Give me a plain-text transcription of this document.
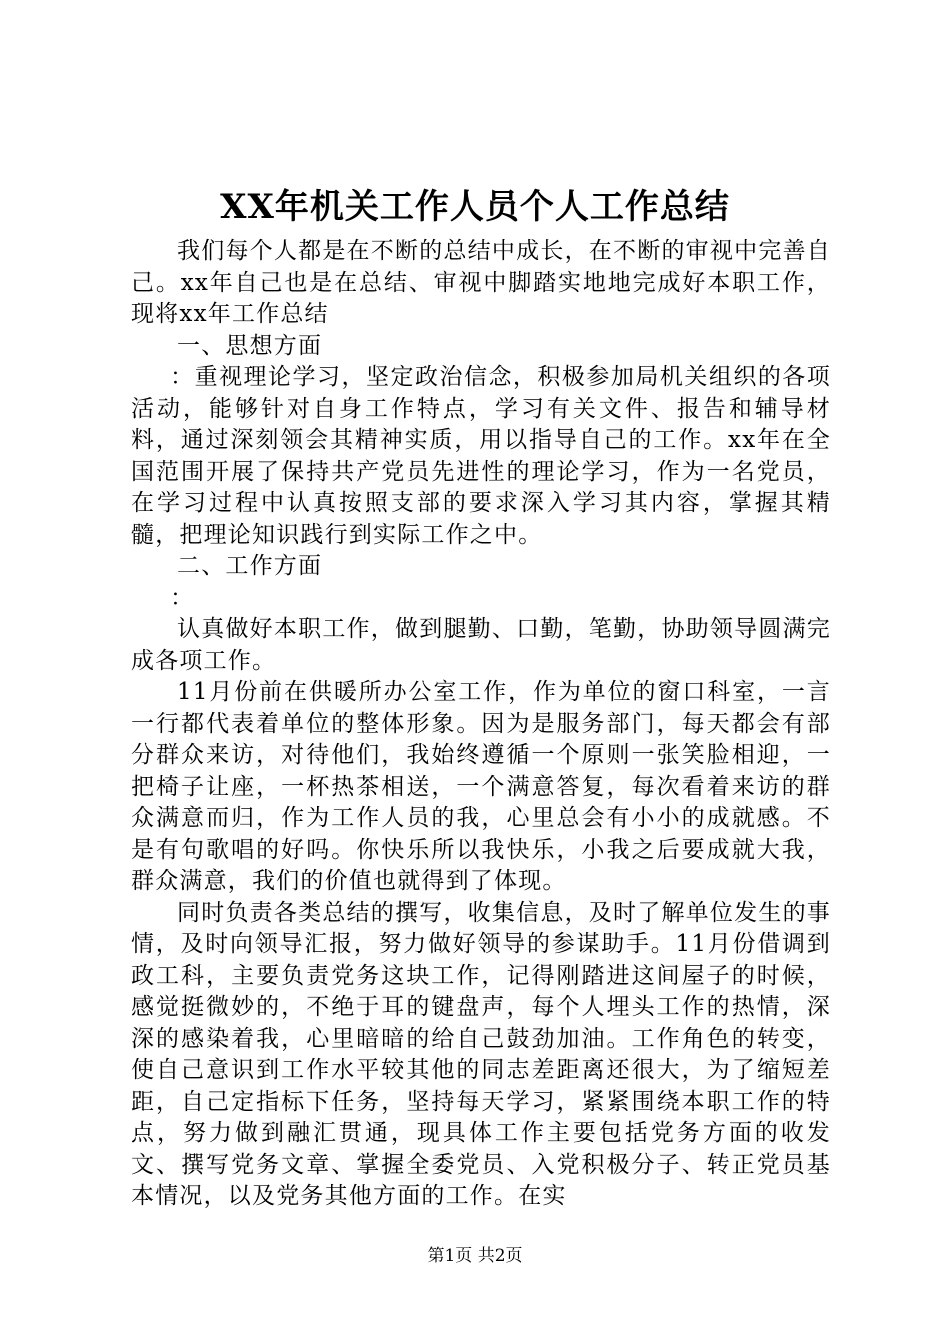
XX年机关工作人员个人工作总结

我们每个人都是在不断的总结中成长，在不断的审视中完善自己。xx年自己也是在总结、审视中脚踏实地地完成好本职工作，现将xx年工作总结

一、思想方面

：重视理论学习，坚定政治信念，积极参加局机关组织的各项活动，能够针对自身工作特点，学习有关文件、报告和辅导材料，通过深刻领会其精神实质，用以指导自己的工作。xx年在全国范围开展了保持共产党员先进性的理论学习，作为一名党员，在学习过程中认真按照支部的要求深入学习其内容，掌握其精髓，把理论知识践行到实际工作之中。

二、工作方面

：

认真做好本职工作，做到腿勤、口勤，笔勤，协助领导圆满完成各项工作。

11月份前在供暖所办公室工作，作为单位的窗口科室，一言一行都代表着单位的整体形象。因为是服务部门，每天都会有部分群众来访，对待他们，我始终遵循一个原则一张笑脸相迎，一把椅子让座，一杯热茶相送，一个满意答复，每次看着来访的群众满意而归，作为工作人员的我，心里总会有小小的成就感。不是有句歌唱的好吗。你快乐所以我快乐，小我之后要成就大我，群众满意，我们的价值也就得到了体现。

同时负责各类总结的撰写，收集信息，及时了解单位发生的事情，及时向领导汇报，努力做好领导的参谋助手。11月份借调到政工科，主要负责党务这块工作，记得刚踏进这间屋子的时候，感觉挺微妙的，不绝于耳的键盘声，每个人埋头工作的热情，深深的感染着我，心里暗暗的给自己鼓劲加油。工作角色的转变，使自己意识到工作水平较其他的同志差距离还很大，为了缩短差距，自己定指标下任务，坚持每天学习，紧紧围绕本职工作的特点，努力做到融汇贯通，现具体工作主要包括党务方面的收发文、撰写党务文章、掌握全委党员、入党积极分子、转正党员基本情况，以及党务其他方面的工作。在实

第1页 共2页
